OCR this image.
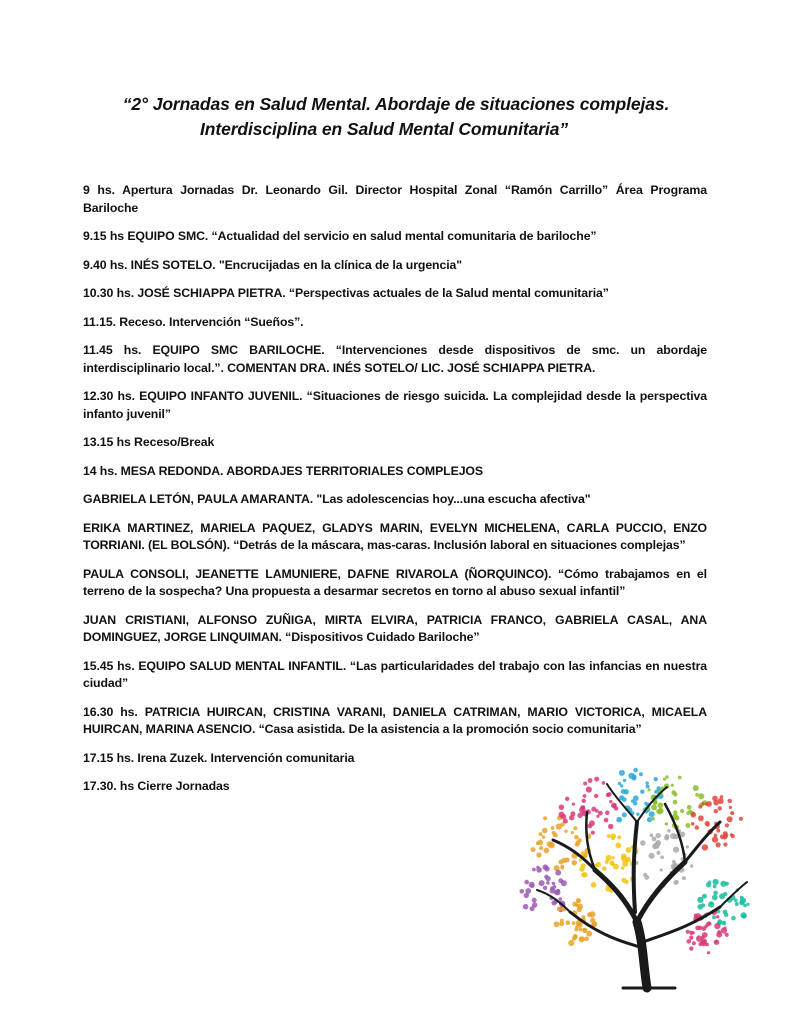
“2° Jornadas en Salud Mental. Abordaje de situaciones complejas.
Interdisciplina en Salud Mental Comunitaria”
9 hs. Apertura Jornadas Dr. Leonardo Gil. Director Hospital Zonal “Ramón Carrillo” Área Programa Bariloche
9.15 hs EQUIPO SMC. “Actualidad del servicio en salud mental comunitaria de bariloche”
9.40 hs. INÉS SOTELO. "Encrucijadas en la clínica de la urgencia"
10.30 hs. JOSÉ SCHIAPPA PIETRA. “Perspectivas actuales de la Salud mental comunitaria”
11.15. Receso. Intervención “Sueños”.
11.45 hs. EQUIPO SMC BARILOCHE. “Intervenciones desde dispositivos de smc. un abordaje interdisciplinario local.”. COMENTAN DRA. INÉS SOTELO/ LIC. JOSÉ SCHIAPPA PIETRA.
12.30 hs. EQUIPO INFANTO JUVENIL. “Situaciones de riesgo suicida. La complejidad desde la perspectiva infanto juvenil”
13.15 hs Receso/Break
14 hs. MESA REDONDA. ABORDAJES TERRITORIALES COMPLEJOS
GABRIELA LETÓN, PAULA AMARANTA. "Las adolescencias hoy...una escucha afectiva"
ERIKA MARTINEZ, MARIELA PAQUEZ, GLADYS MARIN, EVELYN MICHELENA, CARLA PUCCIO, ENZO TORRIANI. (EL BOLSÓN). “Detrás de la máscara, mas-caras. Inclusión laboral en situaciones complejas”
PAULA CONSOLI, JEANETTE LAMUNIERE, DAFNE RIVAROLA (ÑORQUINCO). “Cómo trabajamos en el terreno de la sospecha? Una propuesta a desarmar secretos en torno al abuso sexual infantil”
JUAN CRISTIANI, ALFONSO ZUÑIGA, MIRTA ELVIRA, PATRICIA FRANCO, GABRIELA CASAL, ANA DOMINGUEZ, JORGE LINQUIMAN. “Dispositivos Cuidado Bariloche”
15.45 hs. EQUIPO SALUD MENTAL INFANTIL. “Las particularidades del trabajo con las infancias en nuestra ciudad”
16.30 hs. PATRICIA HUIRCAN, CRISTINA VARANI, DANIELA CATRIMAN, MARIO VICTORICA, MICAELA HUIRCAN, MARINA ASENCIO. “Casa asistida. De la asistencia a la promoción socio comunitaria”
17.15 hs. Irena Zuzek. Intervención comunitaria
17.30. hs Cierre Jornadas
